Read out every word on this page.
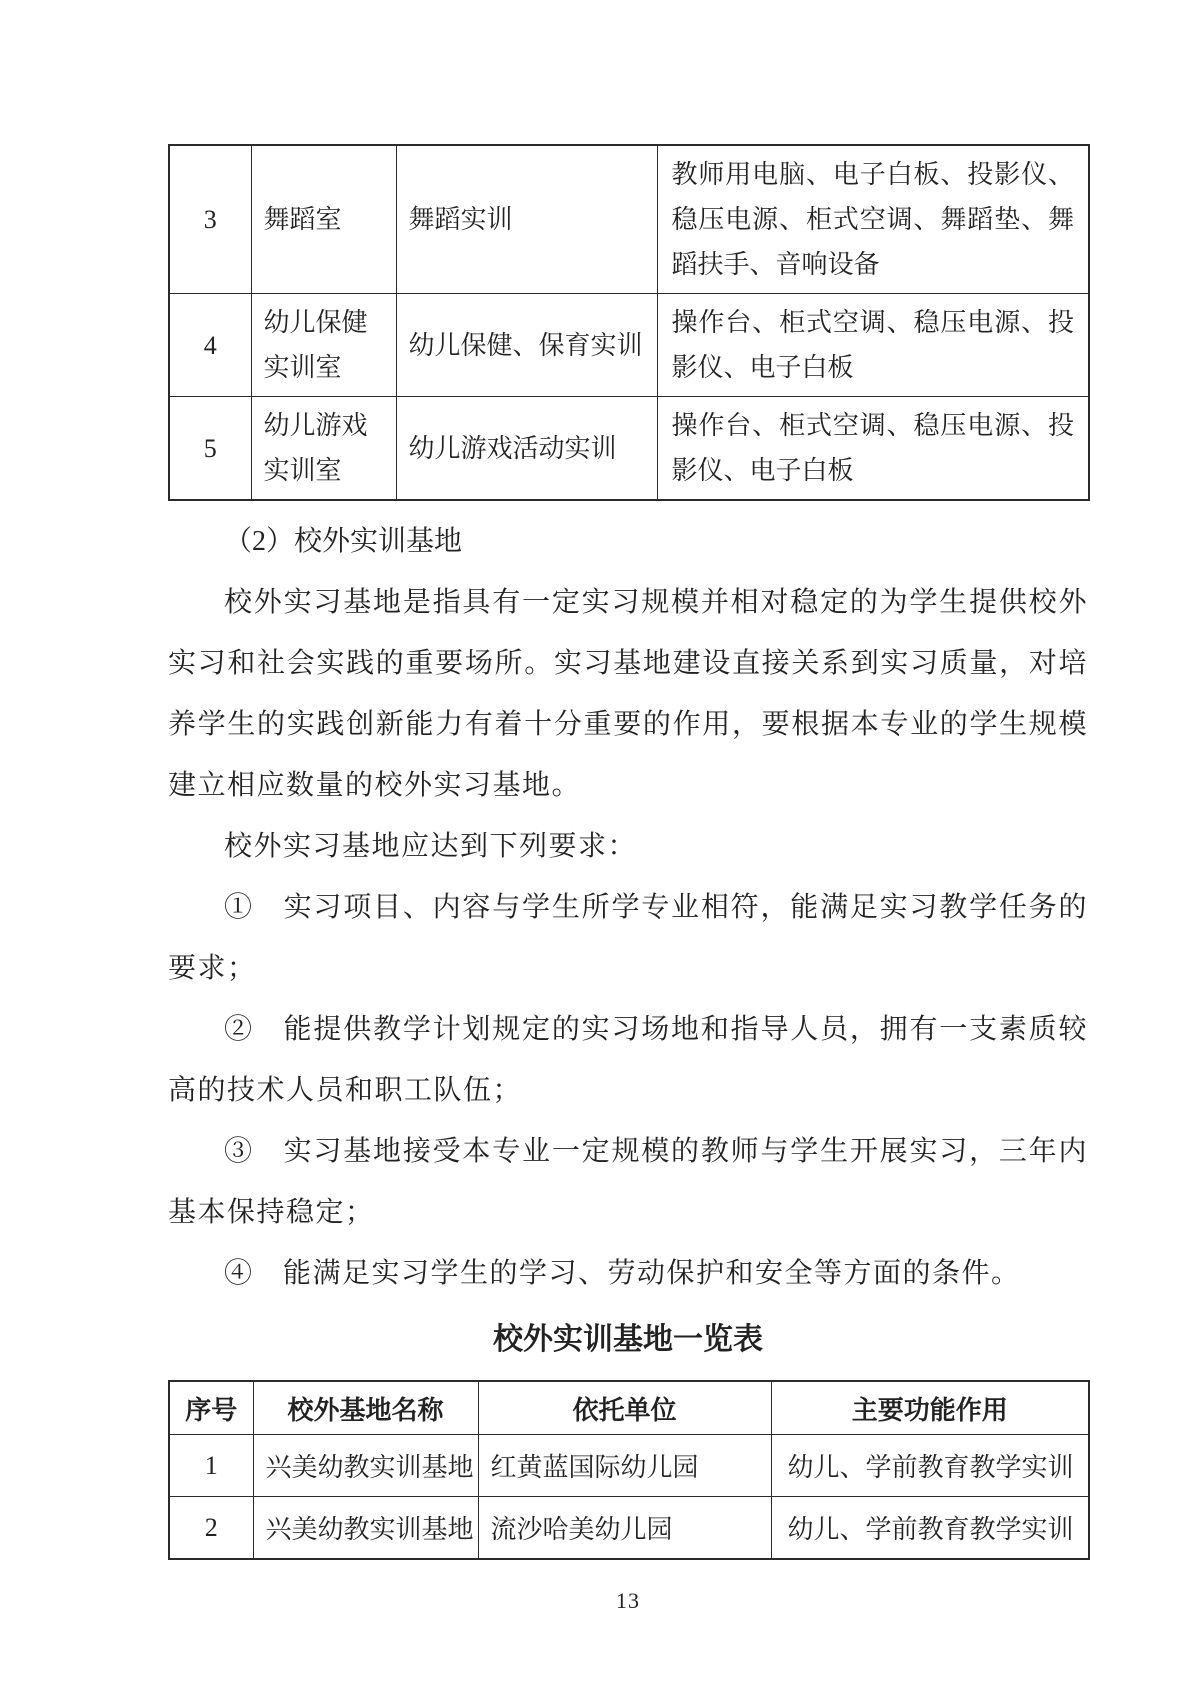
3	舞蹈室	舞蹈实训	教师用电脑、电子白板、投影仪、稳压电源、柜式空调、舞蹈垫、舞蹈扶手、音响设备
4	幼儿保健实训室	幼儿保健、保育实训	操作台、柜式空调、稳压电源、投影仪、电子白板
5	幼儿游戏实训室	幼儿游戏活动实训	操作台、柜式空调、稳压电源、投影仪、电子白板

（2）校外实训基地

校外实习基地是指具有一定实习规模并相对稳定的为学生提供校外实习和社会实践的重要场所。实习基地建设直接关系到实习质量，对培养学生的实践创新能力有着十分重要的作用，要根据本专业的学生规模建立相应数量的校外实习基地。

校外实习基地应达到下列要求：

①　实习项目、内容与学生所学专业相符，能满足实习教学任务的要求；

②　能提供教学计划规定的实习场地和指导人员，拥有一支素质较高的技术人员和职工队伍；

③　实习基地接受本专业一定规模的教师与学生开展实习，三年内基本保持稳定；

④　能满足实习学生的学习、劳动保护和安全等方面的条件。

校外实训基地一览表
序号	校外基地名称	依托单位	主要功能作用
1	兴美幼教实训基地	红黄蓝国际幼儿园	幼儿、学前教育教学实训
2	兴美幼教实训基地	流沙哈美幼儿园	幼儿、学前教育教学实训
13
